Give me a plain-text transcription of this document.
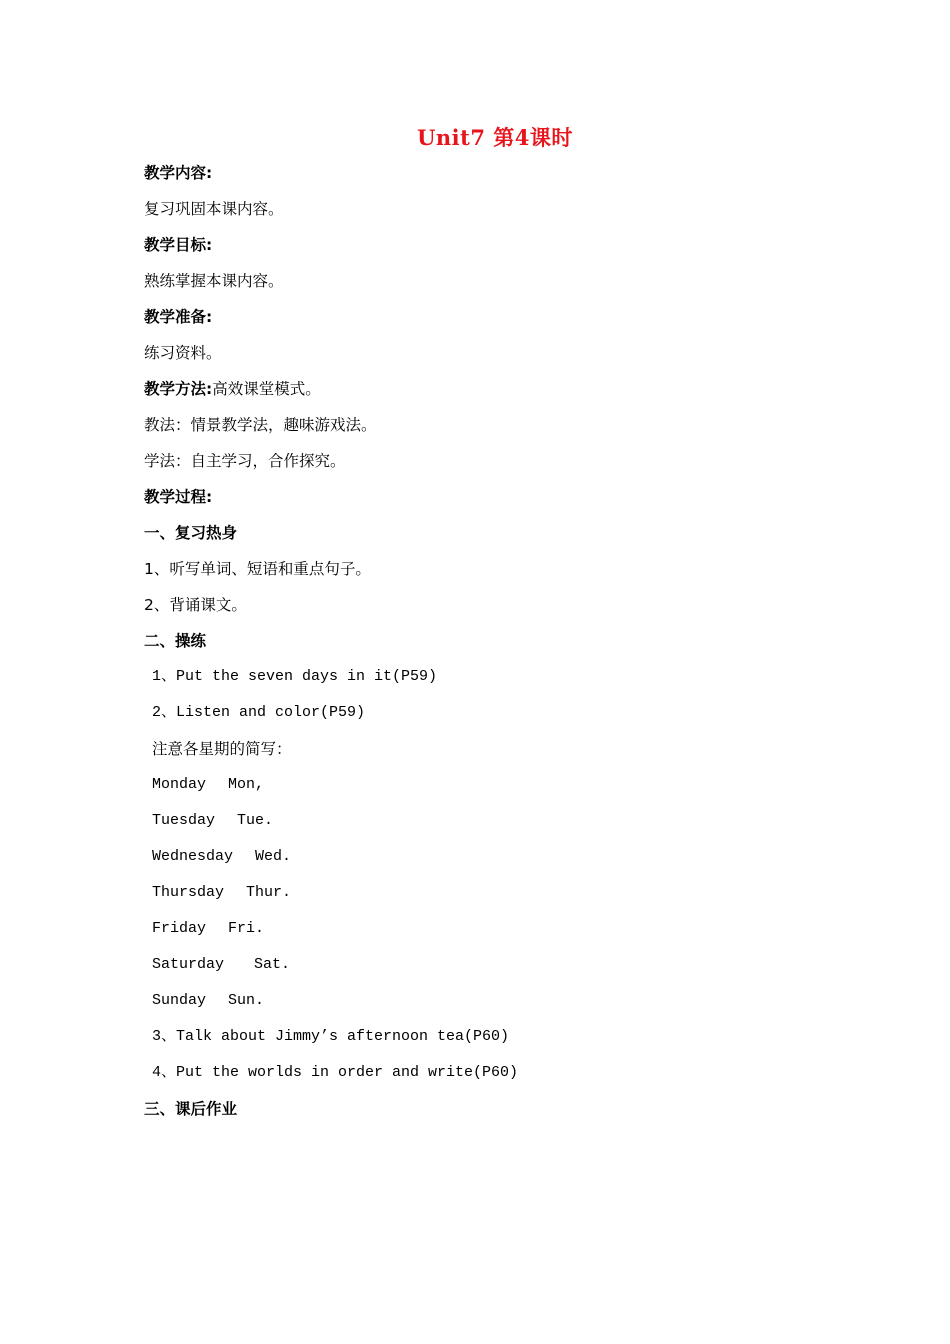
Unit7 第4课时
教学内容:
复习巩固本课内容。
教学目标:
熟练掌握本课内容。
教学准备:
练习资料。
教学方法:高效课堂模式。
教法：情景教学法，趣味游戏法。
学法：自主学习，合作探究。
教学过程:
一、复习热身
1、听写单词、短语和重点句子。
2、背诵课文。
二、操练
1、Put the seven days in it(P59)
2、Listen and color(P59)
注意各星期的简写：
Monday Mon,
Tuesday Tue.
Wednesday Wed.
Thursday Thur.
Friday Fri.
Saturday Sat.
Sunday Sun.
3、Talk about Jimmy’s afternoon tea(P60)
4、Put the worlds in order and write(P60)
三、课后作业
